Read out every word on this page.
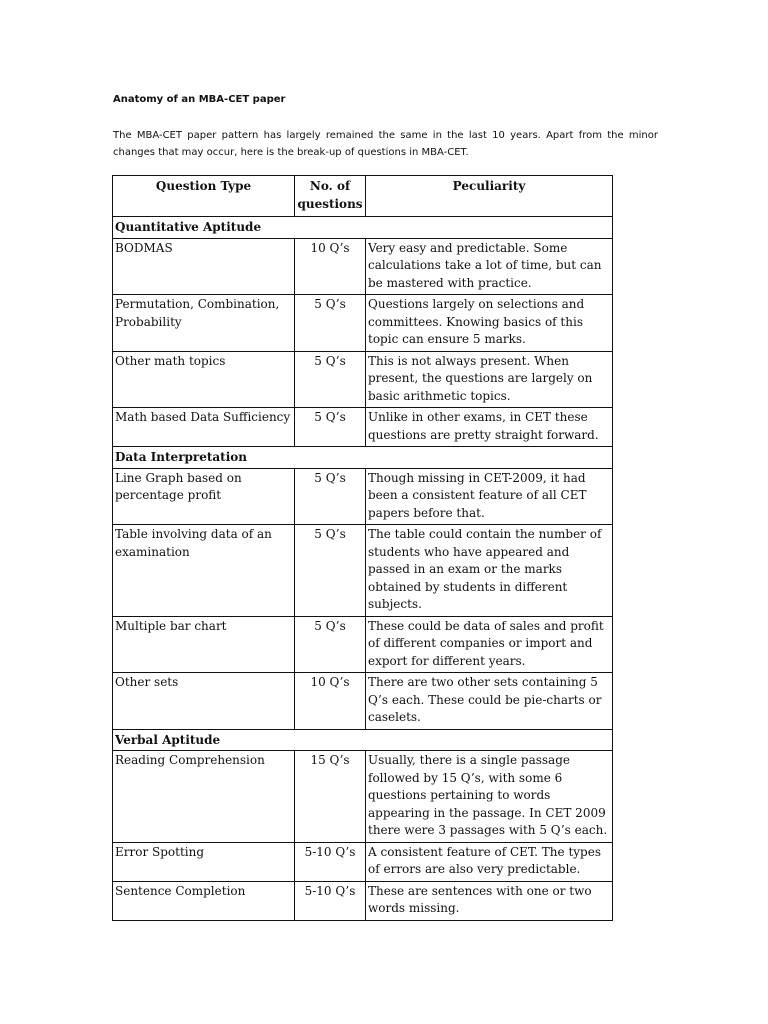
Anatomy of an MBA-CET paper

The MBA-CET paper pattern has largely remained the same in the last 10 years. Apart from the minor changes that may occur, here is the break-up of questions in MBA-CET.

Question Type	No. of questions	Peculiarity
Quantitative Aptitude		
BODMAS	10 Q’s	Very easy and predictable. Some calculations take a lot of time, but can be mastered with practice.
Permutation, Combination, Probability	5 Q’s	Questions largely on selections and committees. Knowing basics of this topic can ensure 5 marks.
Other math topics	5 Q’s	This is not always present. When present, the questions are largely on basic arithmetic topics.
Math based Data Sufficiency	5 Q’s	Unlike in other exams, in CET these questions are pretty straight forward.
Data Interpretation		
Line Graph based on percentage profit	5 Q’s	Though missing in CET-2009, it had been a consistent feature of all CET papers before that.
Table involving data of an examination	5 Q’s	The table could contain the number of students who have appeared and passed in an exam or the marks obtained by students in different subjects.
Multiple bar chart	5 Q’s	These could be data of sales and profit of different companies or import and export for different years.
Other sets	10 Q’s	There are two other sets containing 5 Q’s each. These could be pie-charts or caselets.
Verbal Aptitude		
Reading Comprehension	15 Q’s	Usually, there is a single passage followed by 15 Q’s, with some 6 questions pertaining to words appearing in the passage. In CET 2009 there were 3 passages with 5 Q’s each.
Error Spotting	5-10 Q’s	A consistent feature of CET. The types of errors are also very predictable.
Sentence Completion	5-10 Q’s	These are sentences with one or two words missing.
